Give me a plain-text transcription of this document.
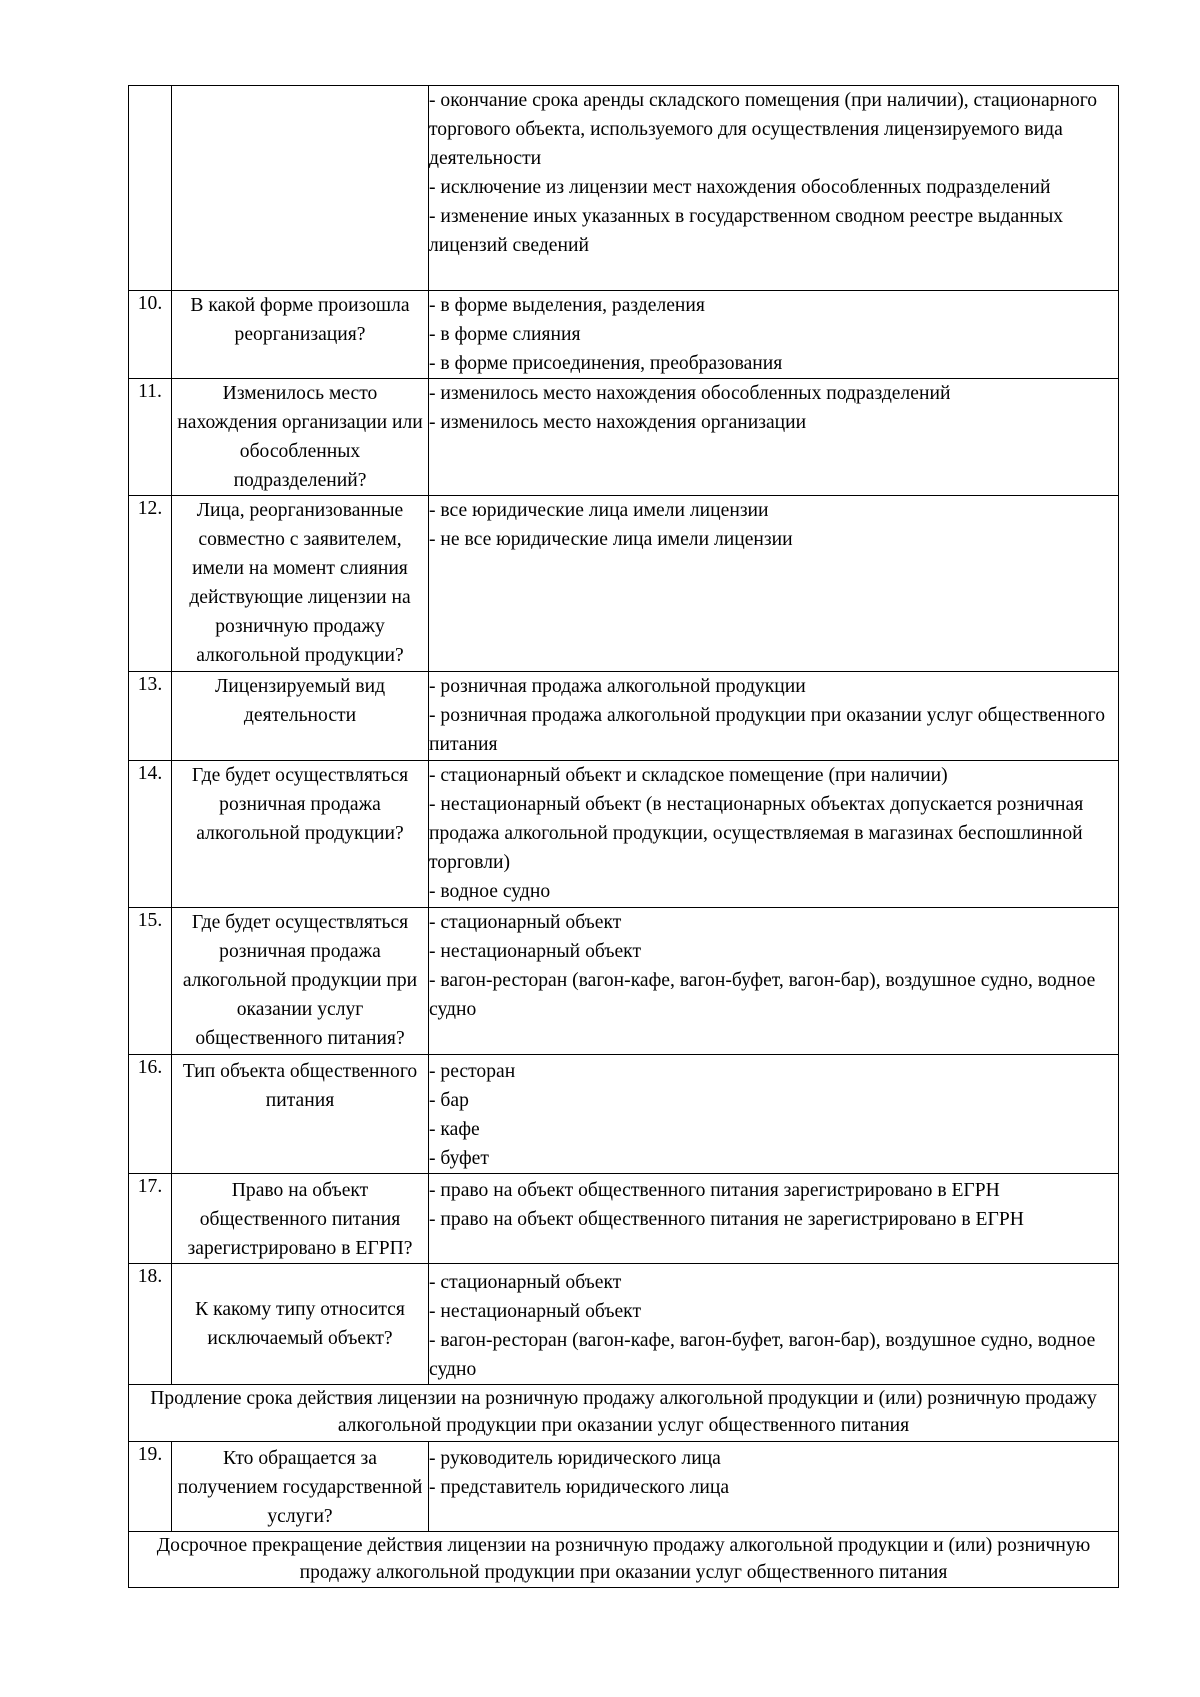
		- окончание срока аренды складского помещения (при наличии), стационарного торгового объекта, используемого для осуществления лицензируемого вида деятельности
- исключение из лицензии мест нахождения обособленных подразделений
- изменение иных указанных в государственном сводном реестре выданных лицензий сведений

10.	В какой форме произошла реорганизация?	- в форме выделения, разделения
- в форме слияния
- в форме присоединения, преобразования

11.	Изменилось место нахождения организации или обособленных подразделений?	- изменилось место нахождения обособленных подразделений
- изменилось место нахождения организации

12.	Лица, реорганизованные совместно с заявителем, имели на момент слияния действующие лицензии на розничную продажу алкогольной продукции?	- все юридические лица имели лицензии
- не все юридические лица имели лицензии

13.	Лицензируемый вид деятельности	- розничная продажа алкогольной продукции
- розничная продажа алкогольной продукции при оказании услуг общественного питания

14.	Где будет осуществляться розничная продажа алкогольной продукции?	- стационарный объект и складское помещение (при наличии)
- нестационарный объект (в нестационарных объектах допускается розничная продажа алкогольной продукции, осуществляемая в магазинах беспошлинной торговли)
- водное судно

15.	Где будет осуществляться розничная продажа алкогольной продукции при оказании услуг общественного питания?	- стационарный объект
- нестационарный объект
- вагон-ресторан (вагон-кафе, вагон-буфет, вагон-бар), воздушное судно, водное судно

16.	Тип объекта общественного питания	- ресторан
- бар
- кафе
- буфет

17.	Право на объект общественного питания зарегистрировано в ЕГРП?	- право на объект общественного питания зарегистрировано в ЕГРН
- право на объект общественного питания не зарегистрировано в ЕГРН

18.	К какому типу относится исключаемый объект?	- стационарный объект
- нестационарный объект
- вагон-ресторан (вагон-кафе, вагон-буфет, вагон-бар), воздушное судно, водное судно

Продление срока действия лицензии на розничную продажу алкогольной продукции и (или) розничную продажу алкогольной продукции при оказании услуг общественного питания		
19.	Кто обращается за получением государственной услуги?	- руководитель юридического лица
- представитель юридического лица

Досрочное прекращение действия лицензии на розничную продажу алкогольной продукции и (или) розничную продажу алкогольной продукции при оказании услуг общественного питания		
